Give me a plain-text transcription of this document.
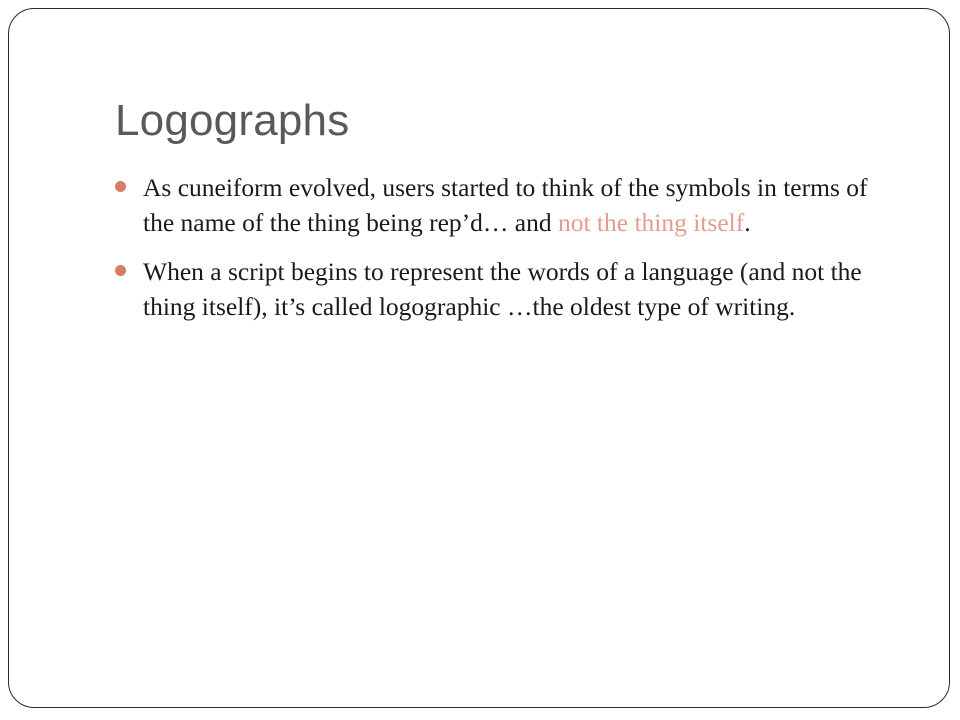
Logographs
As cuneiform evolved, users started to think of the symbols in terms of the name of the thing being rep’d… and not the thing itself.
When a script begins to represent the words of a language (and not the thing itself), it’s called logographic …the oldest type of writing.
